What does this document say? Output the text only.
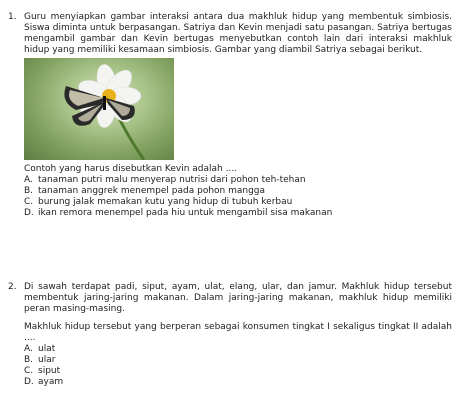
1. Guru menyiapkan gambar interaksi antara dua makhluk hidup yang membentuk simbiosis. Siswa diminta untuk berpasangan. Satriya dan Kevin menjadi satu pasangan. Satriya bertugas mengambil gambar dan Kevin bertugas menyebutkan contoh lain dari interaksi makhluk hidup yang memiliki kesamaan simbiosis. Gambar yang diambil Satriya sebagai berikut.

Contoh yang harus disebutkan Kevin adalah ....

A. tanaman putri malu menyerap nutrisi dari pohon teh-tehan
B. tanaman anggrek menempel pada pohon mangga
C. burung jalak memakan kutu yang hidup di tubuh kerbau
D. ikan remora menempel pada hiu untuk mengambil sisa makanan
2. Di sawah terdapat padi, siput, ayam, ulat, elang, ular, dan jamur. Makhluk hidup tersebut membentuk jaring-jaring makanan. Dalam jaring-jaring makanan, makhluk hidup memiliki peran masing-masing.

Makhluk hidup tersebut yang berperan sebagai konsumen tingkat I sekaligus tingkat II adalah ....

A. ulat
B. ular
C. siput
D. ayam
